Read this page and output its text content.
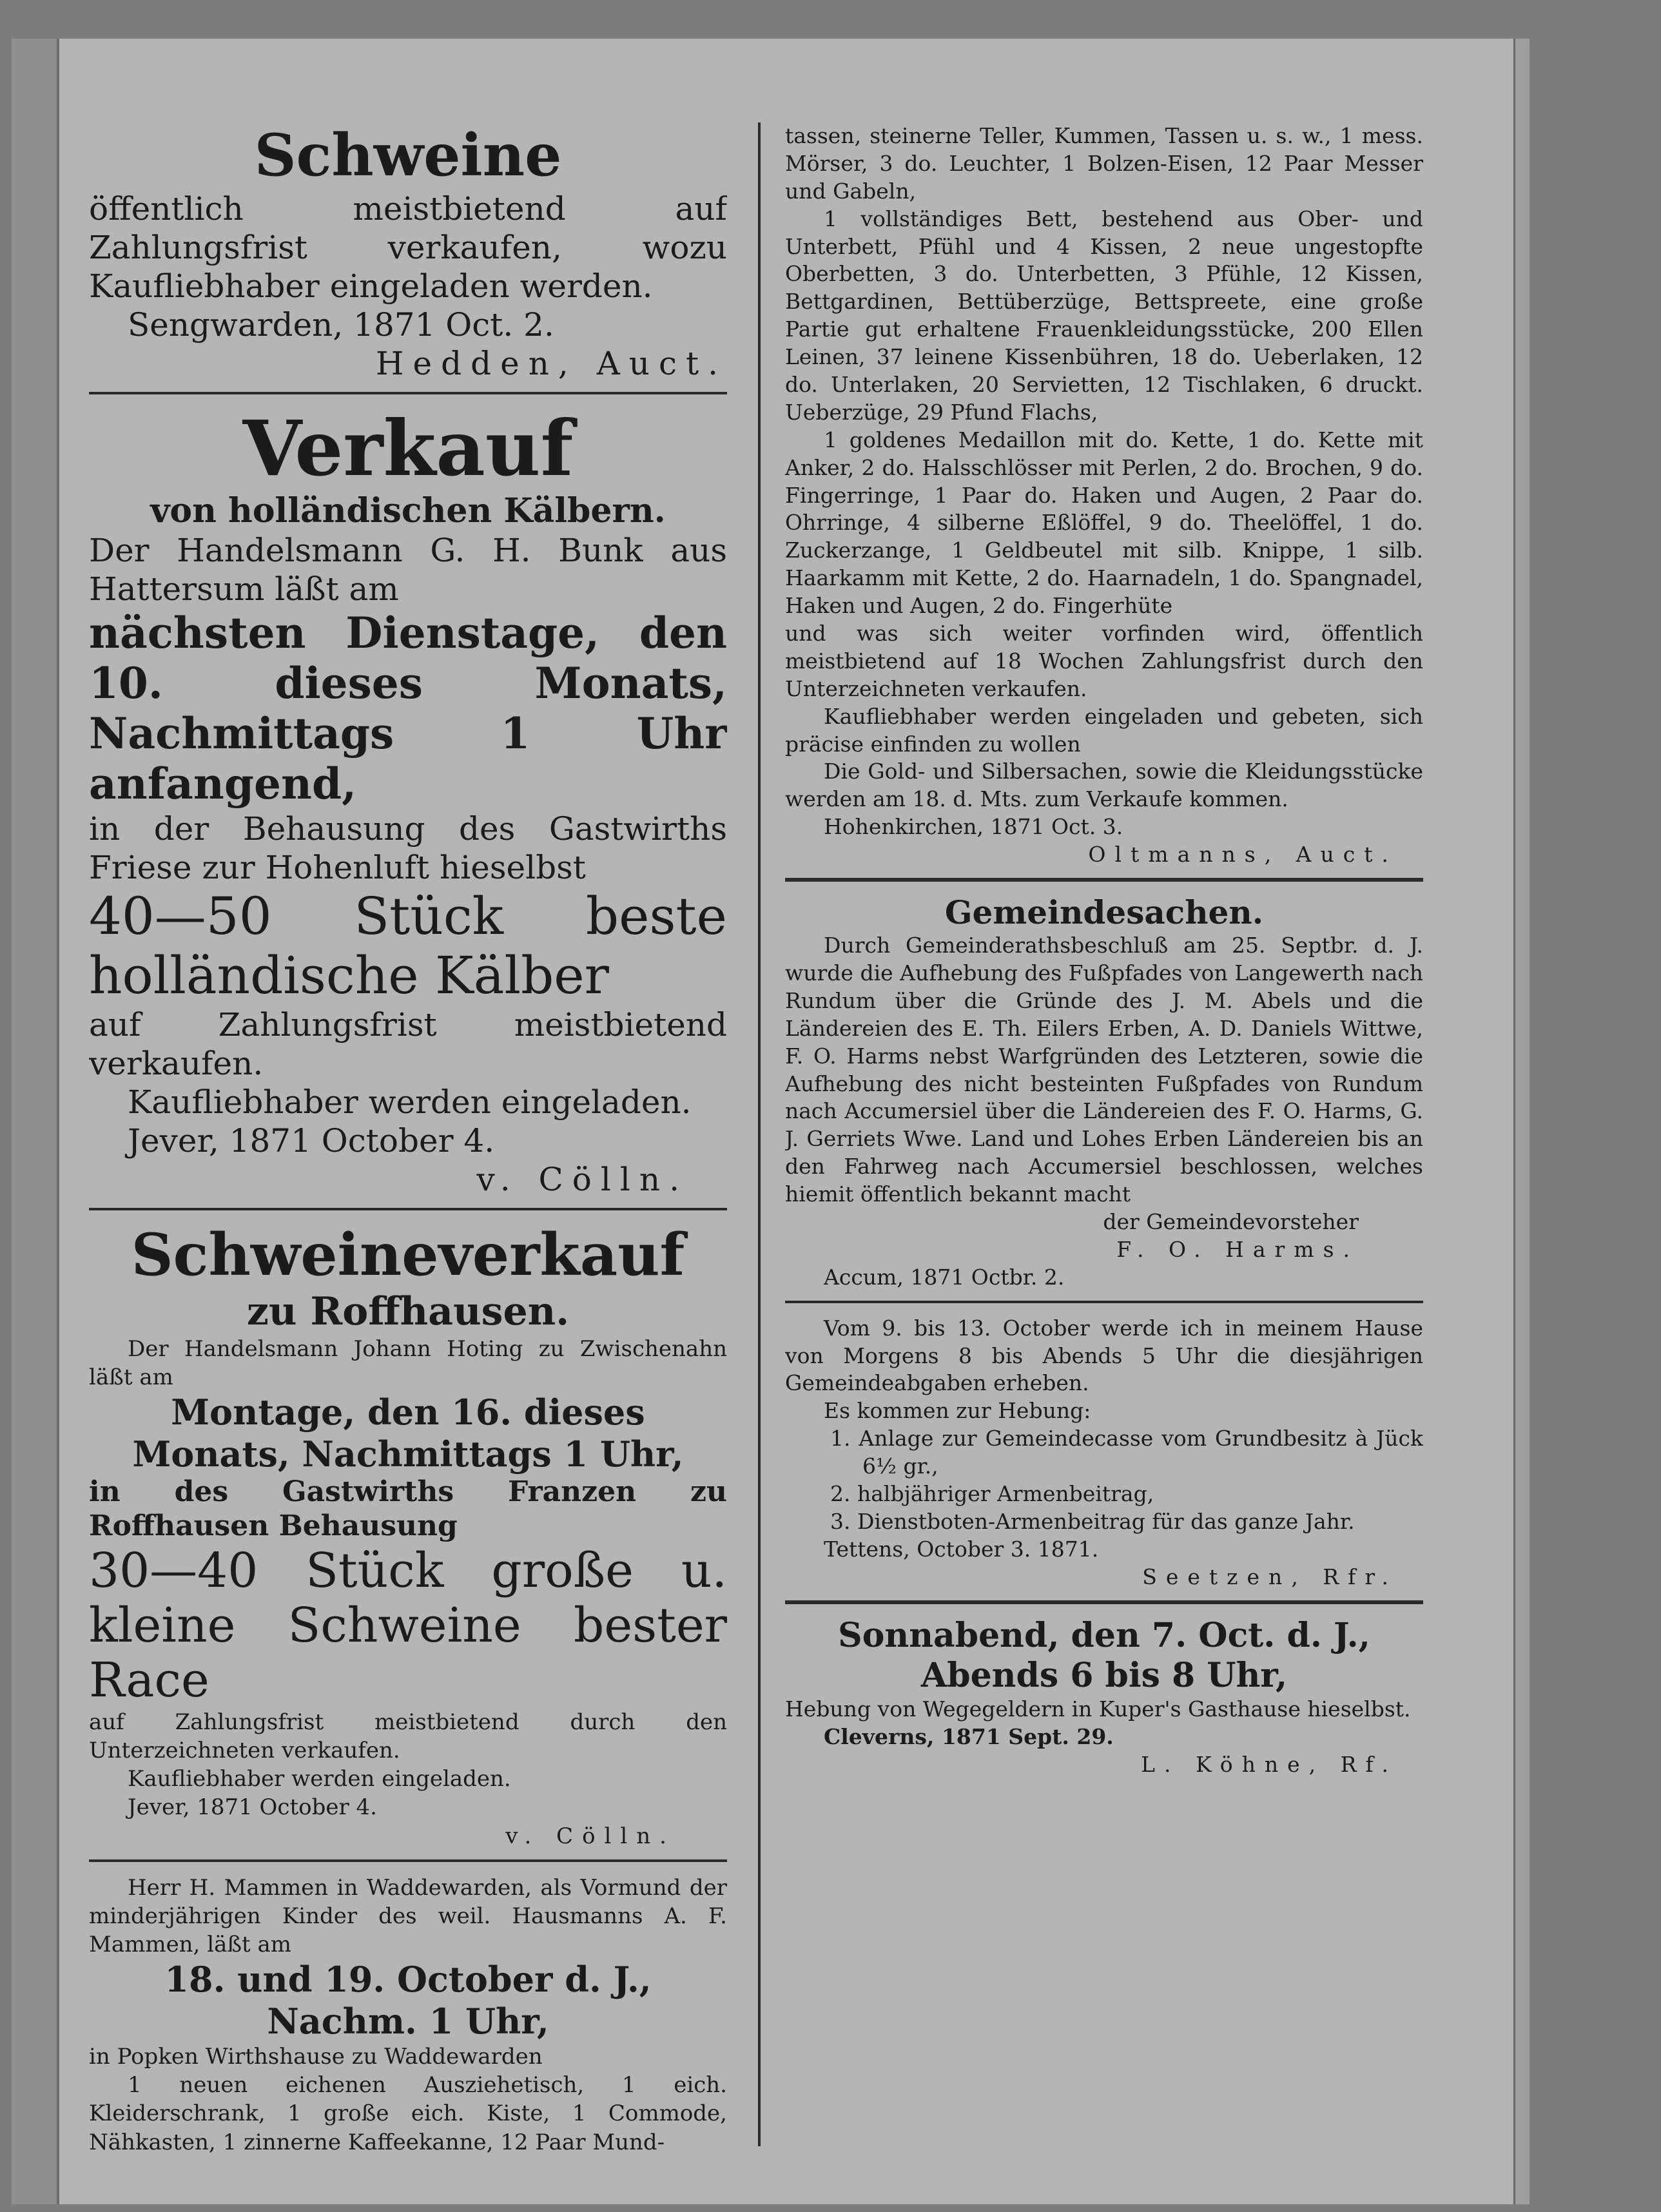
Schweine

öffentlich meistbietend auf Zahlungsfrist verkaufen, wozu Kaufliebhaber eingeladen werden.

Sengwarden, 1871 Oct. 2.

Hedden, Auct.

Verkauf

von holländischen Kälbern.

Der Handelsmann G. H. Bunk aus Hattersum läßt am

nächsten Dienstage, den 10. dieses Monats, Nachmittags 1 Uhr anfangend,

in der Behausung des Gastwirths Friese zur Hohenluft hieselbst

40—50 Stück beste holländische Kälber

auf Zahlungsfrist meistbietend verkaufen.

Kaufliebhaber werden eingeladen.

Jever, 1871 October 4.

v. Cölln.

Schweineverkauf

zu Roffhausen.

Der Handelsmann Johann Hoting zu Zwischenahn läßt am

Montage, den 16. dieses Monats, Nachmittags 1 Uhr,

in des Gastwirths Franzen zu Roffhausen Behausung

30—40 Stück große u. kleine Schweine bester Race

auf Zahlungsfrist meistbietend durch den Unterzeichneten verkaufen.

Kaufliebhaber werden eingeladen.

Jever, 1871 October 4.

v. Cölln.

Herr H. Mammen in Waddewarden, als Vormund der minderjährigen Kinder des weil. Hausmanns A. F. Mammen, läßt am

18. und 19. October d. J.,

Nachm. 1 Uhr,

in Popken Wirthshause zu Waddewarden

1 neuen eichenen Ausziehetisch, 1 eich. Kleiderschrank, 1 große eich. Kiste, 1 Commode, Nähkasten, 1 zinnerne Kaffeekanne, 12 Paar Mund-

tassen, steinerne Teller, Kummen, Tassen u. s. w., 1 mess. Mörser, 3 do. Leuchter, 1 Bolzen-Eisen, 12 Paar Messer und Gabeln,

1 vollständiges Bett, bestehend aus Ober- und Unterbett, Pfühl und 4 Kissen, 2 neue ungestopfte Oberbetten, 3 do. Unterbetten, 3 Pfühle, 12 Kissen, Bettgardinen, Bettüberzüge, Bettspreete, eine große Partie gut erhaltene Frauenkleidungsstücke, 200 Ellen Leinen, 37 leinene Kissenbühren, 18 do. Ueberlaken, 12 do. Unterlaken, 20 Servietten, 12 Tischlaken, 6 druckt. Ueberzüge, 29 Pfund Flachs,

1 goldenes Medaillon mit do. Kette, 1 do. Kette mit Anker, 2 do. Halsschlösser mit Perlen, 2 do. Brochen, 9 do. Fingerringe, 1 Paar do. Haken und Augen, 2 Paar do. Ohrringe, 4 silberne Eßlöffel, 9 do. Theelöffel, 1 do. Zuckerzange, 1 Geldbeutel mit silb. Knippe, 1 silb. Haarkamm mit Kette, 2 do. Haarnadeln, 1 do. Spangnadel, Haken und Augen, 2 do. Fingerhüte

und was sich weiter vorfinden wird, öffentlich meistbietend auf 18 Wochen Zahlungsfrist durch den Unterzeichneten verkaufen.

Kaufliebhaber werden eingeladen und gebeten, sich präcise einfinden zu wollen

Die Gold- und Silbersachen, sowie die Kleidungsstücke werden am 18. d. Mts. zum Verkaufe kommen.

Hohenkirchen, 1871 Oct. 3.

Oltmanns, Auct.

Gemeindesachen.

Durch Gemeinderathsbeschluß am 25. Septbr. d. J. wurde die Aufhebung des Fußpfades von Langewerth nach Rundum über die Gründe des J. M. Abels und die Ländereien des E. Th. Eilers Erben, A. D. Daniels Wittwe, F. O. Harms nebst Warfgründen des Letzteren, sowie die Aufhebung des nicht besteinten Fußpfades von Rundum nach Accumersiel über die Ländereien des F. O. Harms, G. J. Gerriets Wwe. Land und Lohes Erben Ländereien bis an den Fahrweg nach Accumersiel beschlossen, welches hiemit öffentlich bekannt macht

der Gemeindevorsteher

F. O. Harms.

Accum, 1871 Octbr. 2.

Vom 9. bis 13. October werde ich in meinem Hause von Morgens 8 bis Abends 5 Uhr die diesjährigen Gemeindeabgaben erheben.

Es kommen zur Hebung:

1. Anlage zur Gemeindecasse vom Grundbesitz à Jück 6½ gr.,

2. halbjähriger Armenbeitrag,

3. Dienstboten-Armenbeitrag für das ganze Jahr.

Tettens, October 3. 1871.

Seetzen, Rfr.

Sonnabend, den 7. Oct. d. J.,

Abends 6 bis 8 Uhr,

Hebung von Wegegeldern in Kuper's Gasthause hieselbst.

Cleverns, 1871 Sept. 29.

L. Köhne, Rf.
